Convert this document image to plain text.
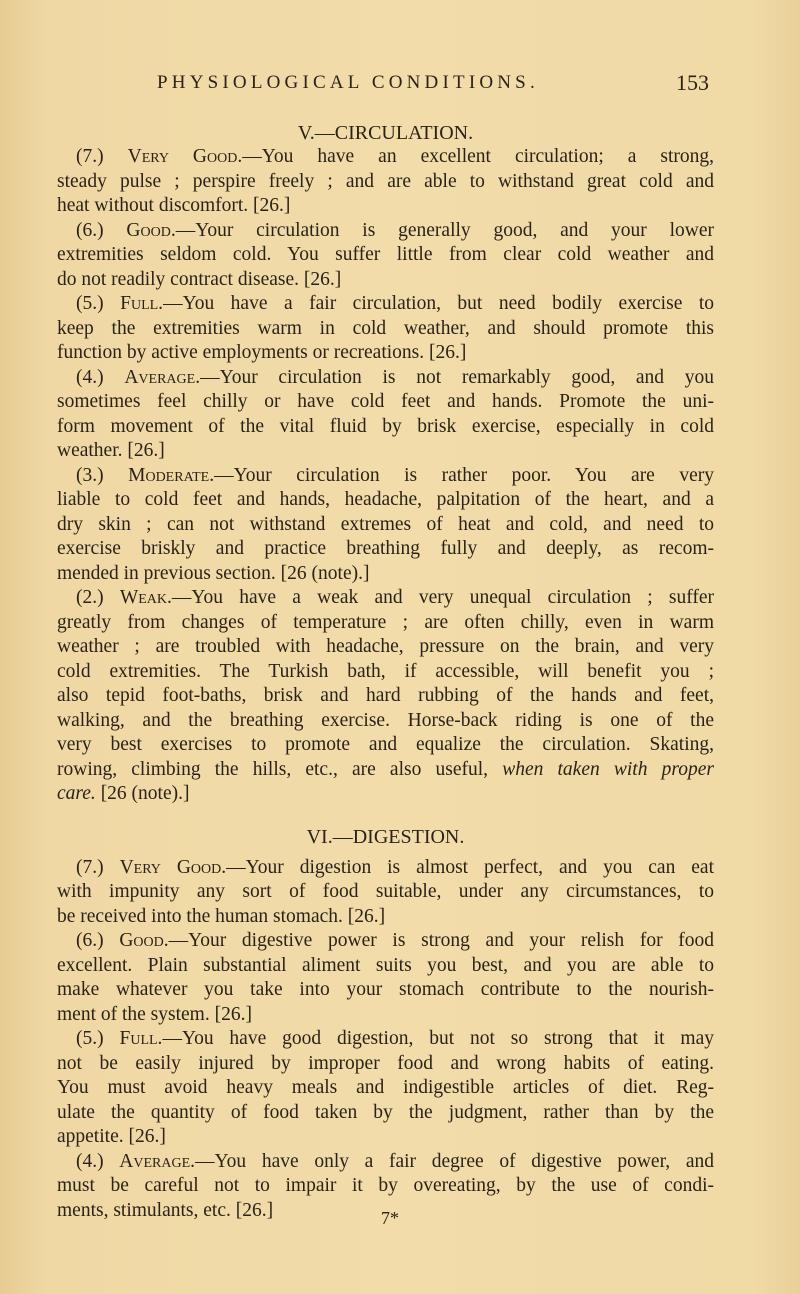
PHYSIOLOGICAL CONDITIONS.	153
V.—CIRCULATION.
(7.) Very Good.—You have an excellent circulation; a strong,
steady pulse ; perspire freely ; and are able to withstand great cold and
heat without discomfort. [26.]
(6.) Good.—Your circulation is generally good, and your lower
extremities seldom cold. You suffer little from clear cold weather and
do not readily contract disease. [26.]
(5.) Full.—You have a fair circulation, but need bodily exercise to
keep the extremities warm in cold weather, and should promote this
function by active employments or recreations. [26.]
(4.) Average.—Your circulation is not remarkably good, and you
sometimes feel chilly or have cold feet and hands. Promote the uni-
form movement of the vital fluid by brisk exercise, especially in cold
weather. [26.]
(3.) Moderate.—Your circulation is rather poor. You are very
liable to cold feet and hands, headache, palpitation of the heart, and a
dry skin ; can not withstand extremes of heat and cold, and need to
exercise briskly and practice breathing fully and deeply, as recom-
mended in previous section. [26 (note).]
(2.) Weak.—You have a weak and very unequal circulation ; suffer
greatly from changes of temperature ; are often chilly, even in warm
weather ; are troubled with headache, pressure on the brain, and very
cold extremities. The Turkish bath, if accessible, will benefit you ;
also tepid foot-baths, brisk and hard rubbing of the hands and feet,
walking, and the breathing exercise. Horse-back riding is one of the
very best exercises to promote and equalize the circulation. Skating,
rowing, climbing the hills, etc., are also useful, when taken with proper
care. [26 (note).]
VI.—DIGESTION.
(7.) Very Good.—Your digestion is almost perfect, and you can eat
with impunity any sort of food suitable, under any circumstances, to
be received into the human stomach. [26.]
(6.) Good.—Your digestive power is strong and your relish for food
excellent. Plain substantial aliment suits you best, and you are able to
make whatever you take into your stomach contribute to the nourish-
ment of the system. [26.]
(5.) Full.—You have good digestion, but not so strong that it may
not be easily injured by improper food and wrong habits of eating.
You must avoid heavy meals and indigestible articles of diet. Reg-
ulate the quantity of food taken by the judgment, rather than by the
appetite. [26.]
(4.) Average.—You have only a fair degree of digestive power, and
must be careful not to impair it by overeating, by the use of condi-
ments, stimulants, etc. [26.]	7*
